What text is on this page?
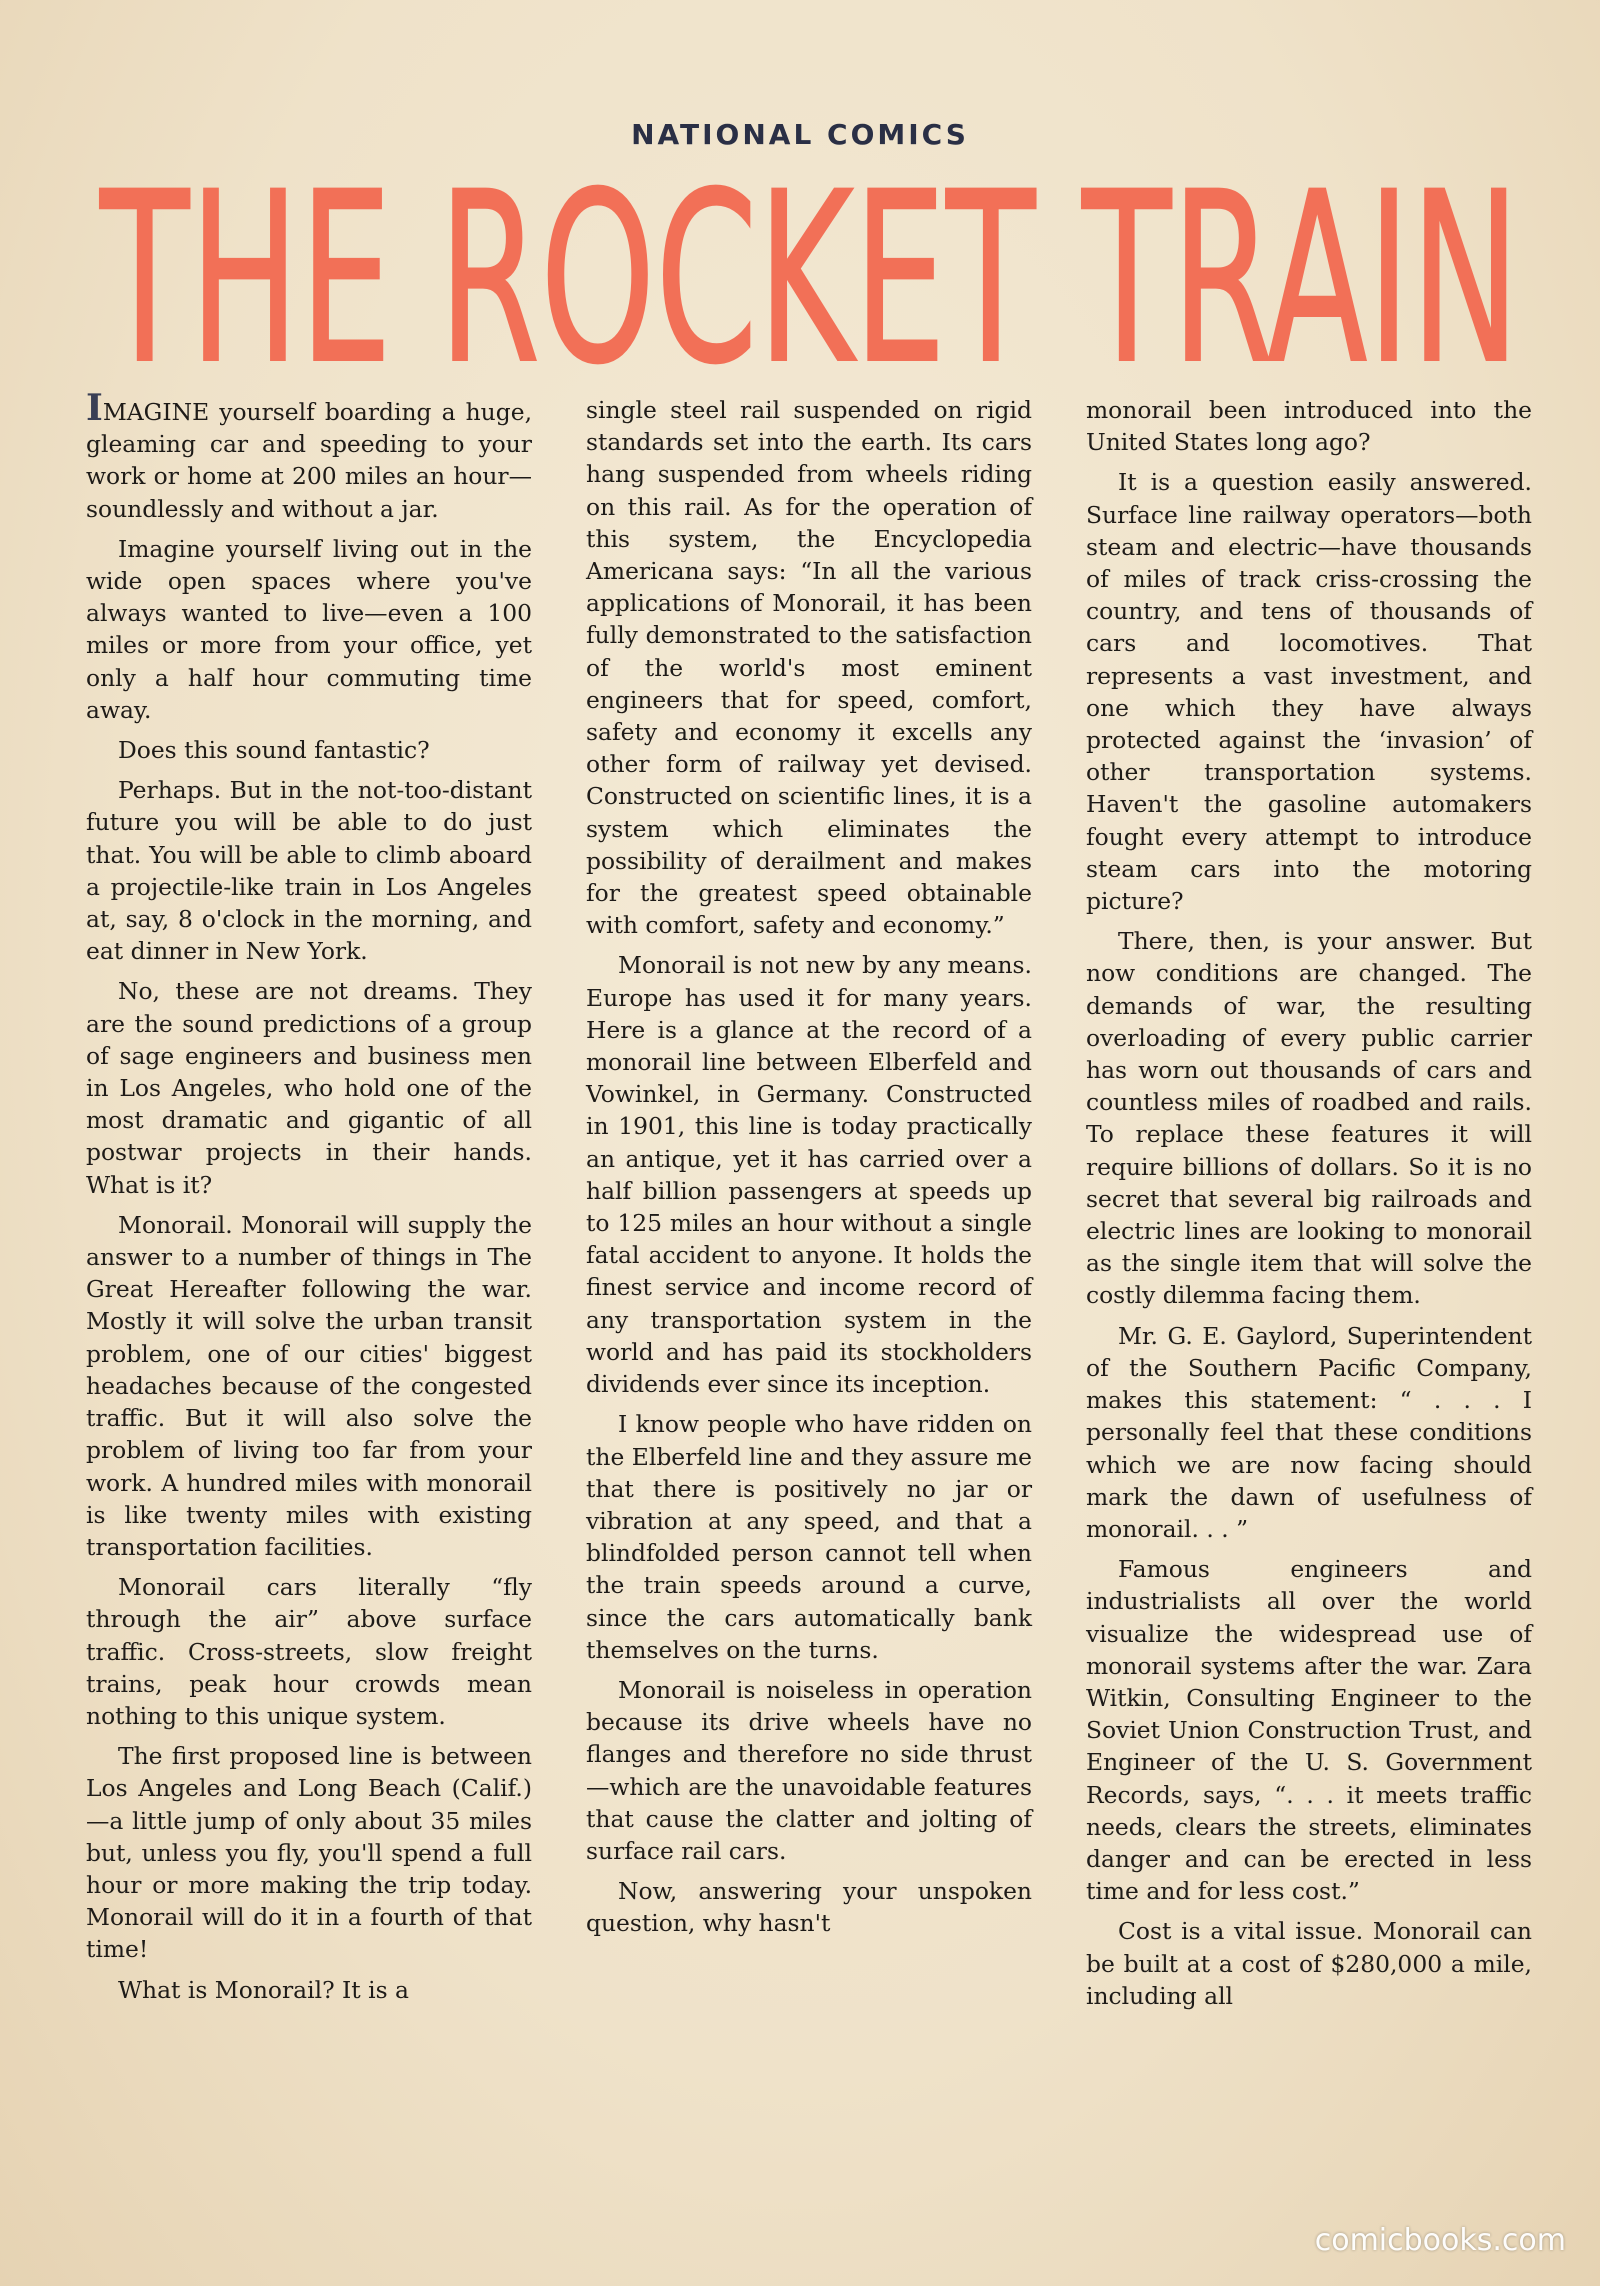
NATIONAL COMICS
THE ROCKET TRAIN

IMAGINE yourself boarding a huge, gleaming car and speeding to your work or home at 200 miles an hour—soundlessly and without a jar.

Imagine yourself living out in the wide open spaces where you've always wanted to live—even a 100 miles or more from your office, yet only a half hour commuting time away.

Does this sound fantastic?

Perhaps. But in the not-too-distant future you will be able to do just that. You will be able to climb aboard a projectile-like train in Los Angeles at, say, 8 o'clock in the morning, and eat dinner in New York.

No, these are not dreams. They are the sound predictions of a group of sage engineers and business men in Los Angeles, who hold one of the most dramatic and gigantic of all postwar projects in their hands. What is it?

Monorail. Monorail will supply the answer to a number of things in The Great Hereafter following the war. Mostly it will solve the urban transit problem, one of our cities' biggest headaches because of the congested traffic. But it will also solve the problem of living too far from your work. A hundred miles with monorail is like twenty miles with existing transportation facilities.

Monorail cars literally “fly through the air” above surface traffic. Cross-streets, slow freight trains, peak hour crowds mean nothing to this unique system.

The first proposed line is between Los Angeles and Long Beach (Calif.)—a little jump of only about 35 miles but, unless you fly, you'll spend a full hour or more making the trip today. Monorail will do it in a fourth of that time!

What is Monorail? It is a

single steel rail suspended on rigid standards set into the earth. Its cars hang suspended from wheels riding on this rail. As for the operation of this system, the Encyclopedia Americana says: “In all the various applications of Monorail, it has been fully demonstrated to the satisfaction of the world's most eminent engineers that for speed, comfort, safety and economy it excells any other form of railway yet devised. Constructed on scientific lines, it is a system which eliminates the possibility of derailment and makes for the greatest speed obtainable with comfort, safety and economy.”

Monorail is not new by any means. Europe has used it for many years. Here is a glance at the record of a monorail line between Elberfeld and Vowinkel, in Germany. Constructed in 1901, this line is today practically an antique, yet it has carried over a half billion passengers at speeds up to 125 miles an hour without a single fatal accident to anyone. It holds the finest service and income record of any transportation system in the world and has paid its stockholders dividends ever since its inception.

I know people who have ridden on the Elberfeld line and they assure me that there is positively no jar or vibration at any speed, and that a blindfolded person cannot tell when the train speeds around a curve, since the cars automatically bank themselves on the turns.

Monorail is noiseless in operation because its drive wheels have no flanges and therefore no side thrust—which are the unavoidable features that cause the clatter and jolting of surface rail cars.

Now, answering your unspoken question, why hasn't

monorail been introduced into the United States long ago?

It is a question easily answered. Surface line railway operators—both steam and electric—have thousands of miles of track criss-crossing the country, and tens of thousands of cars and locomotives. That represents a vast investment, and one which they have always protected against the ‘invasion’ of other transportation systems. Haven't the gasoline automakers fought every attempt to introduce steam cars into the motoring picture?

There, then, is your answer. But now conditions are changed. The demands of war, the resulting overloading of every public carrier has worn out thousands of cars and countless miles of roadbed and rails. To replace these features it will require billions of dollars. So it is no secret that several big railroads and electric lines are looking to monorail as the single item that will solve the costly dilemma facing them.

Mr. G. E. Gaylord, Superintendent of the Southern Pacific Company, makes this statement: “ . . . I personally feel that these conditions which we are now facing should mark the dawn of usefulness of monorail. . . ”

Famous engineers and industrialists all over the world visualize the widespread use of monorail systems after the war. Zara Witkin, Consulting Engineer to the Soviet Union Construction Trust, and Engineer of the U. S. Government Records, says, “. . . it meets traffic needs, clears the streets, eliminates danger and can be erected in less time and for less cost.”

Cost is a vital issue. Monorail can be built at a cost of $280,000 a mile, including all

comicbooks.com
